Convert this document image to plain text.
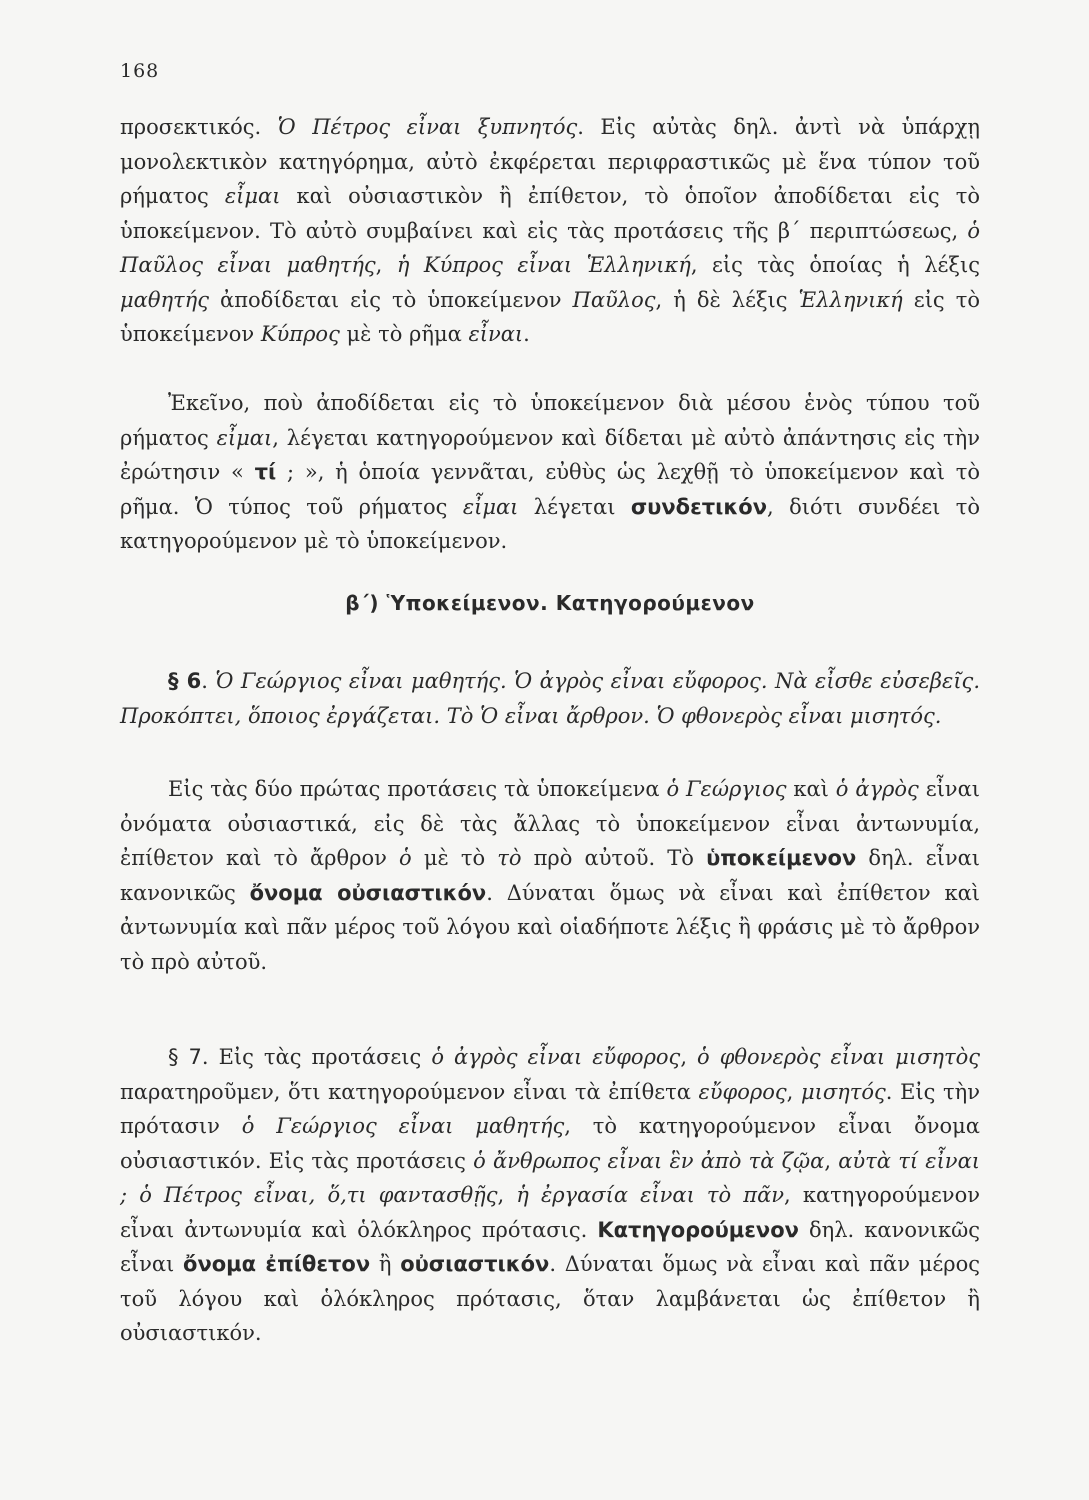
168

προσεκτικός. Ὁ Πέτρος εἶναι ξυπνητός. Εἰς αὐτὰς δηλ. ἀντὶ νὰ ὑπάρχῃ μονολεκτικὸν κατηγόρημα, αὐτὸ ἐκφέρεται περιφραστικῶς μὲ ἕνα τύπον τοῦ ρήματος εἶμαι καὶ οὐσιαστικὸν ἢ ἐπίθετον, τὸ ὁποῖον ἀποδίδεται εἰς τὸ ὑποκείμενον. Τὸ αὐτὸ συμβαίνει καὶ εἰς τὰς προτάσεις τῆς β΄ περιπτώσεως, ὁ Παῦλος εἶναι μαθητής, ἡ Κύπρος εἶναι Ἑλληνική, εἰς τὰς ὁποίας ἡ λέξις μαθητής ἀποδίδεται εἰς τὸ ὑποκείμενον Παῦλος, ἡ δὲ λέξις Ἑλληνική εἰς τὸ ὑποκείμενον Κύπρος μὲ τὸ ρῆμα εἶναι.

Ἐκεῖνο, ποὺ ἀποδίδεται εἰς τὸ ὑποκείμενον διὰ μέσου ἑνὸς τύπου τοῦ ρήματος εἶμαι, λέγεται κατηγορούμενον καὶ δίδεται μὲ αὐτὸ ἀπάντησις εἰς τὴν ἐρώτησιν « τί ; », ἡ ὁποία γεννᾶται, εὐθὺς ὡς λεχθῇ τὸ ὑποκείμενον καὶ τὸ ρῆμα. Ὁ τύπος τοῦ ρήματος εἶμαι λέγεται συνδετικόν, διότι συνδέει τὸ κατηγορούμενον μὲ τὸ ὑποκείμενον.

β΄) Ὑποκείμενον. Κατηγορούμενον

§ 6. Ὁ Γεώργιος εἶναι μαθητής. Ὁ ἀγρὸς εἶναι εὔφορος. Νὰ εἶσθε εὐσεβεῖς. Προκόπτει, ὅποιος ἐργάζεται. Τὸ Ὁ εἶναι ἄρθρον. Ὁ φθονερὸς εἶναι μισητός.

Εἰς τὰς δύο πρώτας προτάσεις τὰ ὑποκείμενα ὁ Γεώργιος καὶ ὁ ἀγρὸς εἶναι ὀνόματα οὐσιαστικά, εἰς δὲ τὰς ἄλλας τὸ ὑποκείμενον εἶναι ἀντωνυμία, ἐπίθετον καὶ τὸ ἄρθρον ὁ μὲ τὸ τὸ πρὸ αὐτοῦ. Τὸ ὑποκείμενον δηλ. εἶναι κανονικῶς ὄνομα οὐσιαστικόν. Δύναται ὅμως νὰ εἶναι καὶ ἐπίθετον καὶ ἀντωνυμία καὶ πᾶν μέρος τοῦ λόγου καὶ οἱαδήποτε λέξις ἢ φράσις μὲ τὸ ἄρθρον τὸ πρὸ αὐτοῦ.

§ 7. Εἰς τὰς προτάσεις ὁ ἀγρὸς εἶναι εὔφορος, ὁ φθονερὸς εἶναι μισητὸς παρατηροῦμεν, ὅτι κατηγορούμενον εἶναι τὰ ἐπίθετα εὔφορος, μισητός. Εἰς τὴν πρότασιν ὁ Γεώργιος εἶναι μαθητής, τὸ κατηγορούμενον εἶναι ὄνομα οὐσιαστικόν. Εἰς τὰς προτάσεις ὁ ἄνθρωπος εἶναι ἓν ἀπὸ τὰ ζῷα, αὐτὰ τί εἶναι ; ὁ Πέτρος εἶναι, ὅ,τι φαντασθῇς, ἡ ἐργασία εἶναι τὸ πᾶν, κατηγορούμενον εἶναι ἀντωνυμία καὶ ὁλόκληρος πρότασις. Κατηγορούμενον δηλ. κανονικῶς εἶναι ὄνομα ἐπίθετον ἢ οὐσιαστικόν. Δύναται ὅμως νὰ εἶναι καὶ πᾶν μέρος τοῦ λόγου καὶ ὁλόκληρος πρότασις, ὅταν λαμβάνεται ὡς ἐπίθετον ἢ οὐσιαστικόν.
